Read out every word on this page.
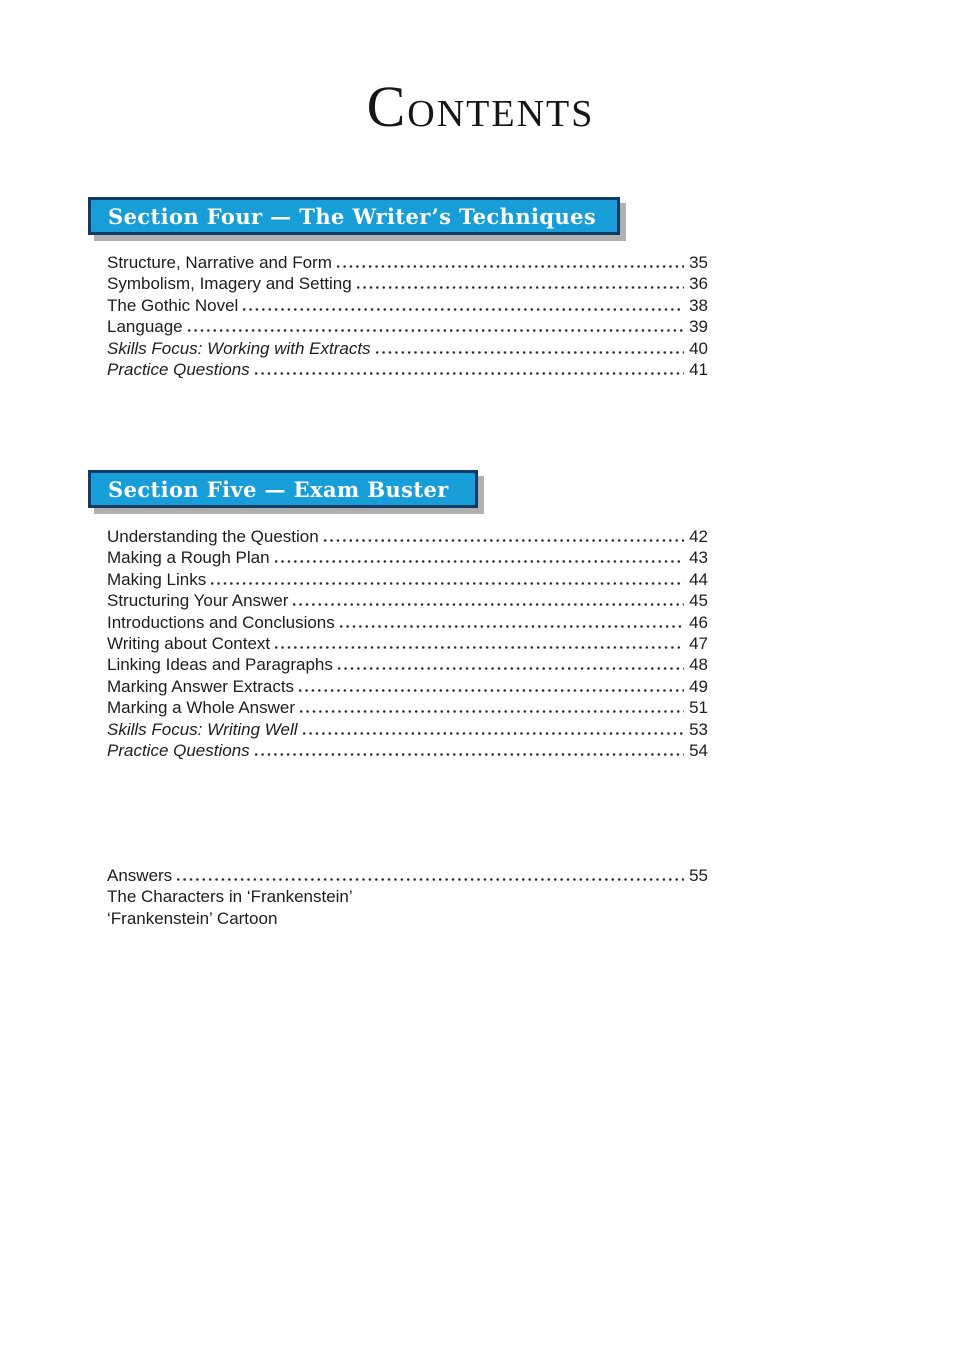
CONTENTS
Section Four — The Writer’s Techniques
Structure, Narrative and Form	35
Symbolism, Imagery and Setting	36
The Gothic Novel	38
Language	39
Skills Focus: Working with Extracts	40
Practice Questions	41
Section Five — Exam Buster
Understanding the Question	42
Making a Rough Plan	43
Making Links	44
Structuring Your Answer	45
Introductions and Conclusions	46
Writing about Context	47
Linking Ideas and Paragraphs	48
Marking Answer Extracts	49
Marking a Whole Answer	51
Skills Focus: Writing Well	53
Practice Questions	54
Answers	55
The Characters in ‘Frankenstein’
‘Frankenstein’ Cartoon
